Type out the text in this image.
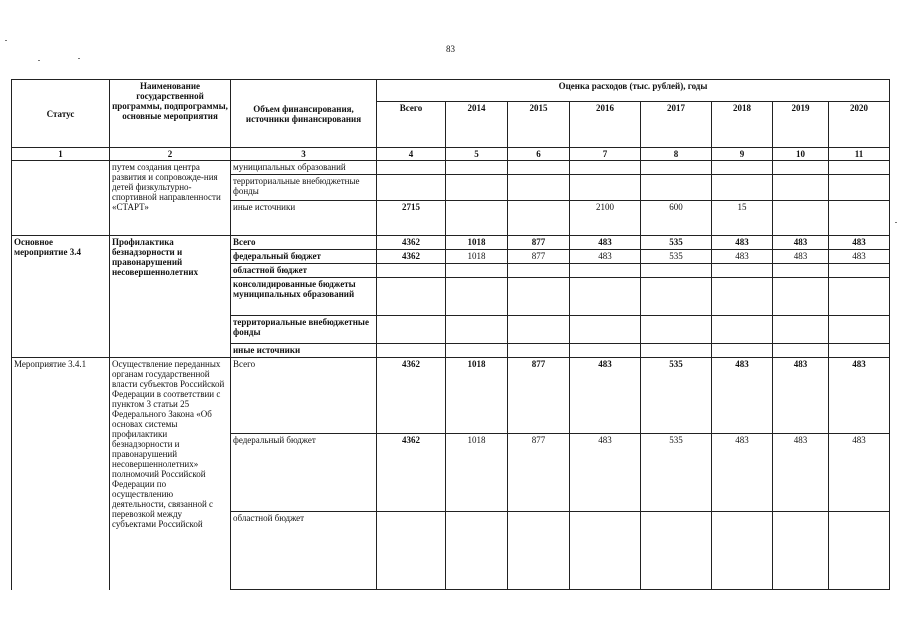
83
Статус	Наименование государственной программы, подпрограммы, основные мероприятия	Объем финансирования, источники финансирования	Оценка расходов (тыс. рублей), годы							
			Всего	2014	2015	2016	2017	2018	2019	2020
1	2	3	4	5	6	7	8	9	10	11
	путем создания центра развития и сопровожде-ния детей физкультурно-спортивной направленности «СТАРТ»	муниципальных образований								
		территориальные внебюджетные фонды								
		иные источники	2715			2100	600	15		
Основное мероприятие 3.4	Профилактика безнадзорности и правонарушений несовершеннолетних	Всего	4362	1018	877	483	535	483	483	483
		федеральный бюджет	4362	1018	877	483	535	483	483	483
		областной бюджет								
		консолидированные бюджеты муниципальных образований								
		территориальные внебюджетные фонды								
		иные источники								
Мероприятие 3.4.1	Осуществление переданных органам государственной власти субъектов Российской Федерации в соответствии с пунктом 3 статьи 25 Федерального Закона «Об основах системы профилактики безнадзорности и правонарушений несовершеннолетних» полномочий Российской Федерации по осуществлению деятельности, связанной с перевозкой между субъектами Российской	Всего	4362	1018	877	483	535	483	483	483
		федеральный бюджет	4362	1018	877	483	535	483	483	483
		областной бюджет								
